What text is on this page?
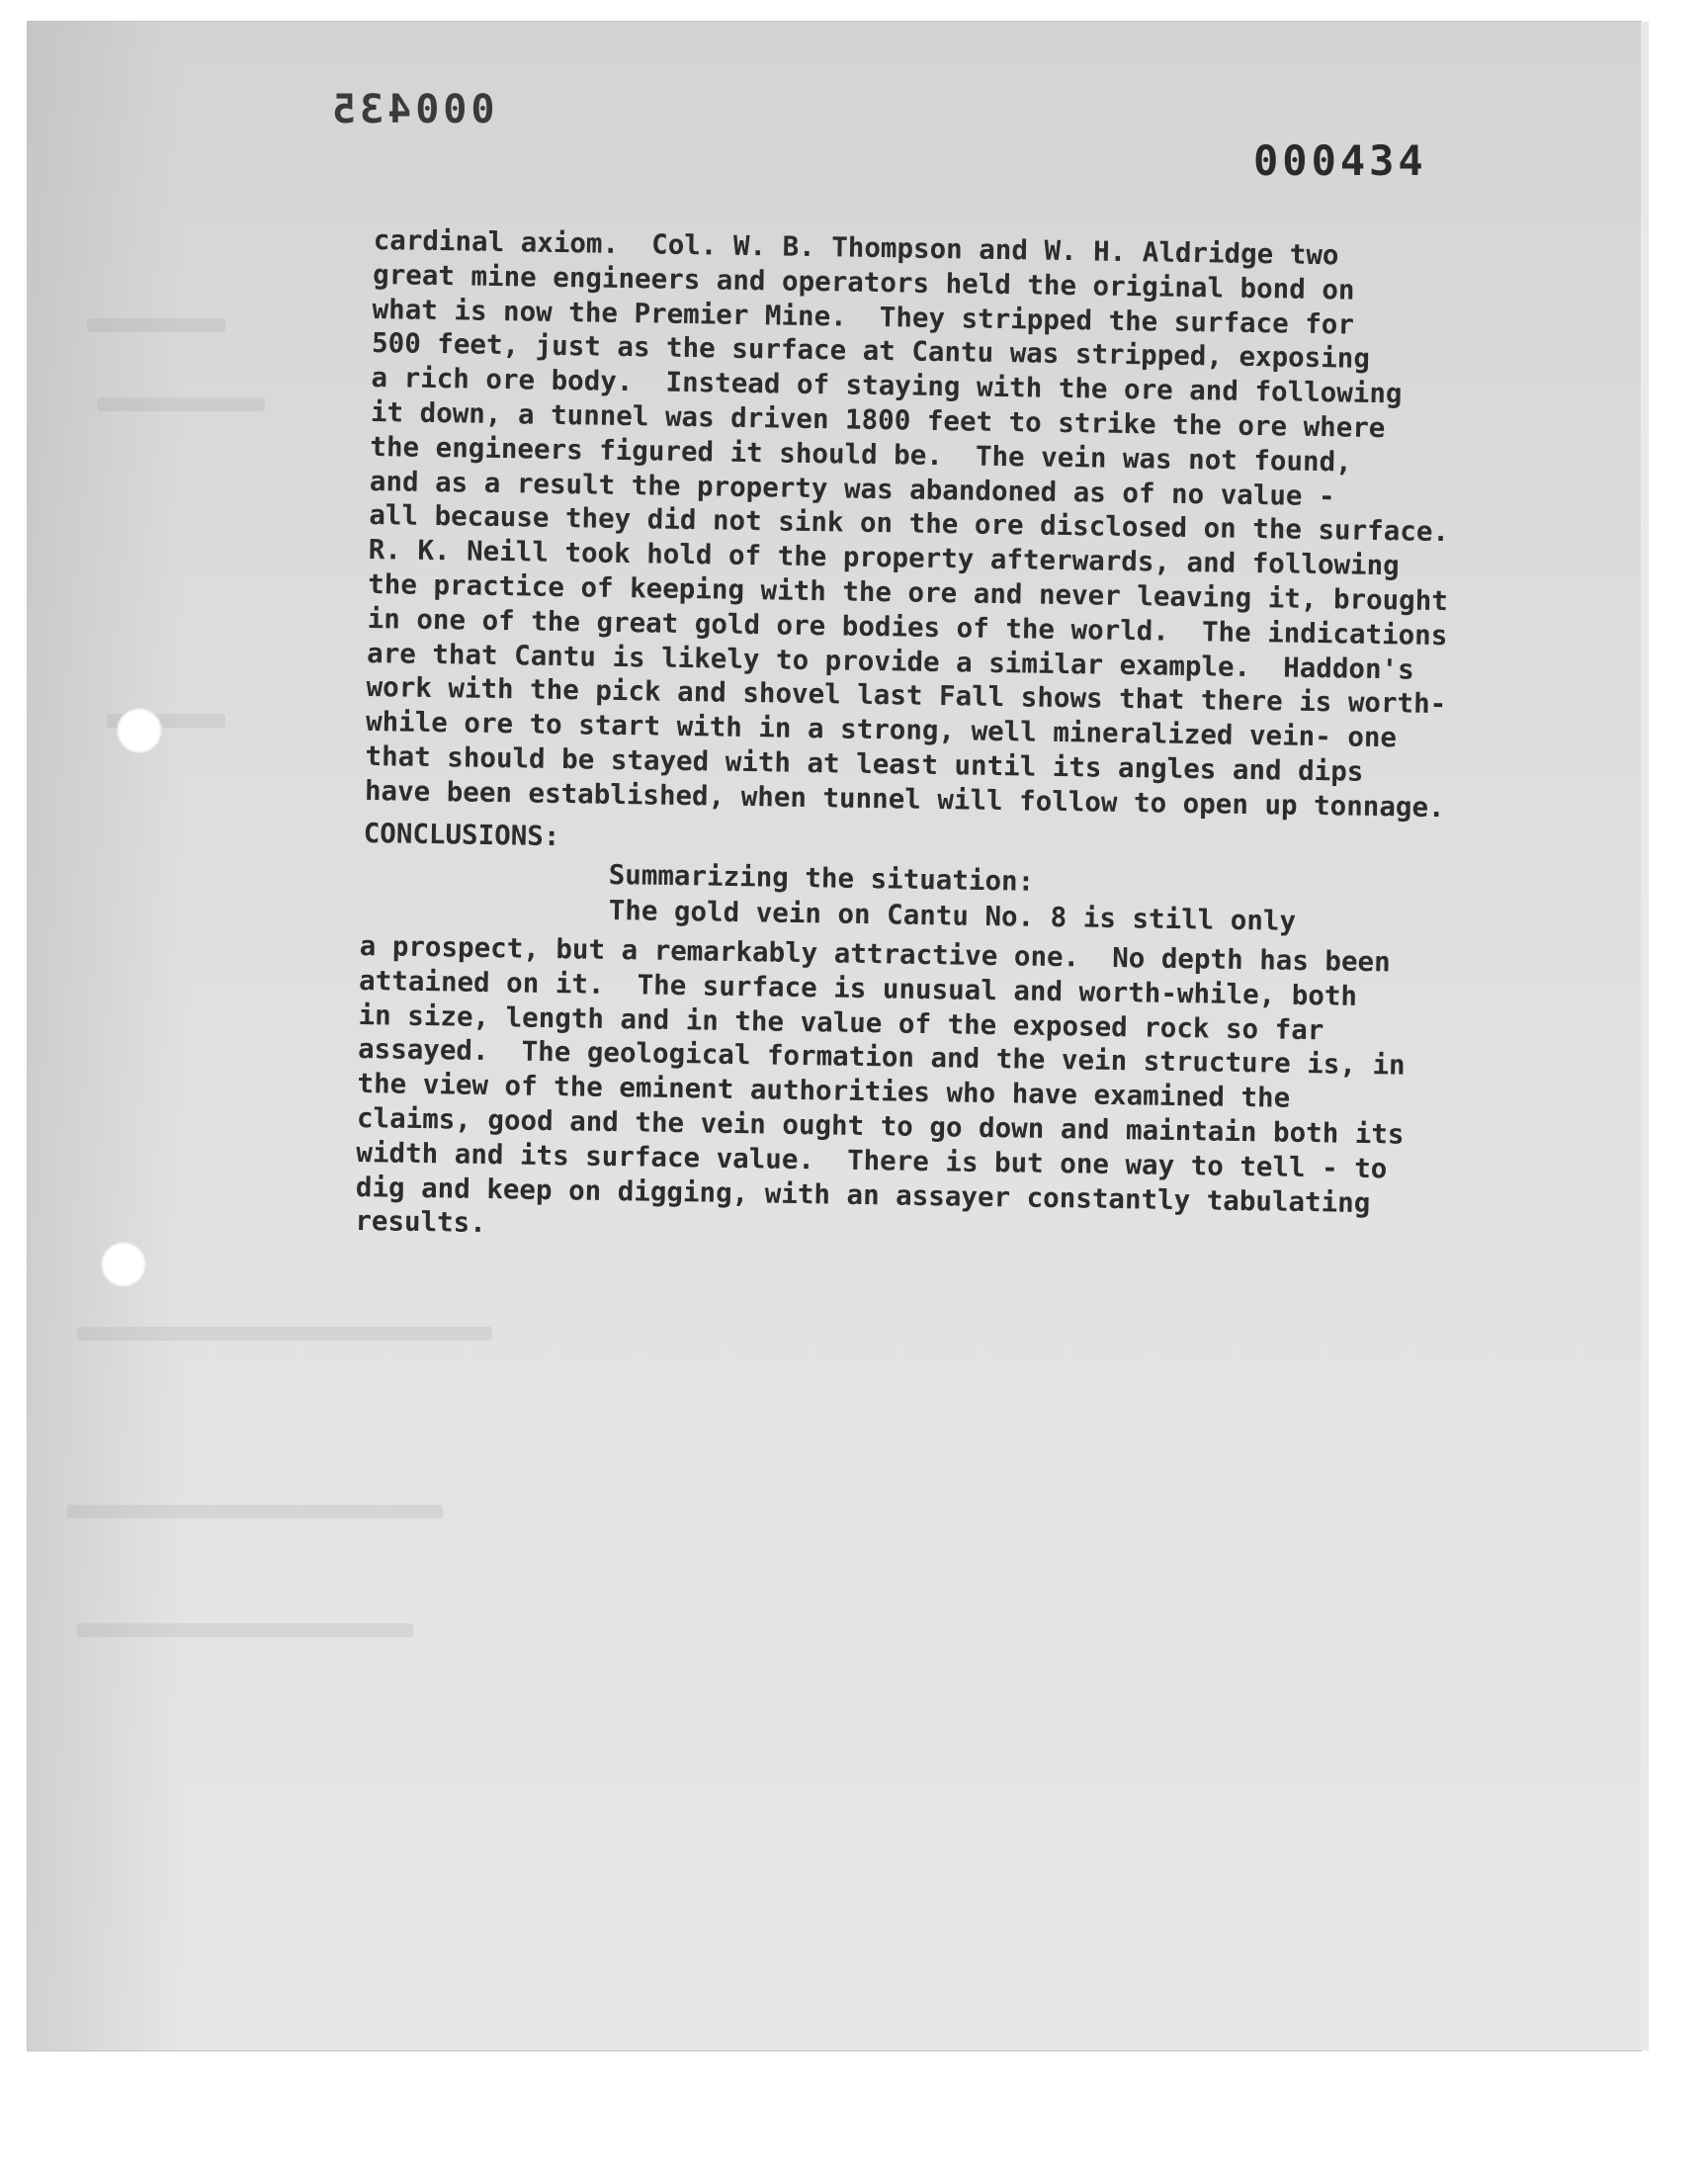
000435

000434

cardinal axiom.  Col. W. B. Thompson and W. H. Aldridge two
great mine engineers and operators held the original bond on
what is now the Premier Mine.  They stripped the surface for
500 feet, just as the surface at Cantu was stripped, exposing
a rich ore body.  Instead of staying with the ore and following
it down, a tunnel was driven 1800 feet to strike the ore where
the engineers figured it should be.  The vein was not found,
and as a result the property was abandoned as of no value -
all because they did not sink on the ore disclosed on the surface.
R. K. Neill took hold of the property afterwards, and following
the practice of keeping with the ore and never leaving it, brought
in one of the great gold ore bodies of the world.  The indications
are that Cantu is likely to provide a similar example.  Haddon's
work with the pick and shovel last Fall shows that there is worth-
while ore to start with in a strong, well mineralized vein- one
that should be stayed with at least until its angles and dips
have been established, when tunnel will follow to open up tonnage.

CONCLUSIONS:

Summarizing the situation:

The gold vein on Cantu No. 8 is still only

a prospect, but a remarkably attractive one.  No depth has been
attained on it.  The surface is unusual and worth-while, both
in size, length and in the value of the exposed rock so far
assayed.  The geological formation and the vein structure is, in
the view of the eminent authorities who have examined the
claims, good and the vein ought to go down and maintain both its
width and its surface value.  There is but one way to tell - to
dig and keep on digging, with an assayer constantly tabulating
results.
